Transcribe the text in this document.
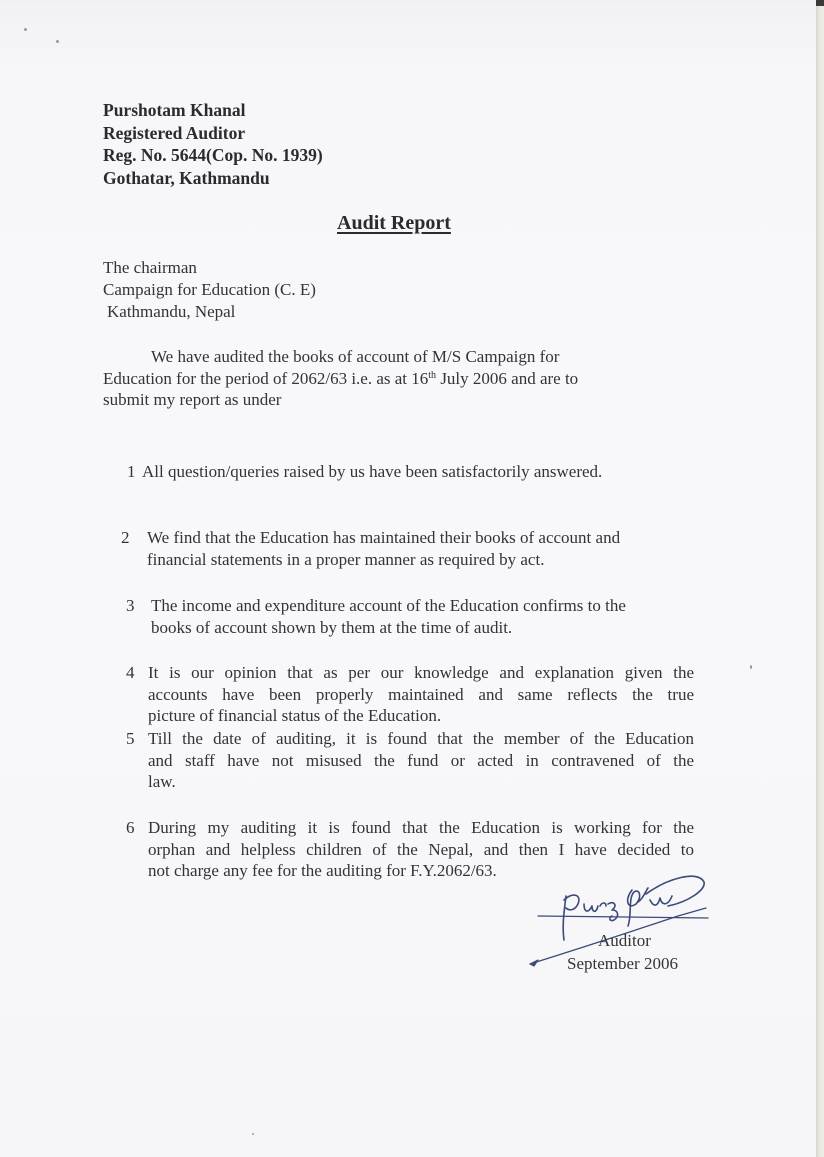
Purshotam Khanal
Registered Auditor
Reg. No. 5644(Cop. No. 1939)
Gothatar, Kathmandu
Audit Report
The chairman
Campaign for Education (C. E)
Kathmandu, Nepal
We have audited the books of account of M/S Campaign for
Education for the period of 2062/63 i.e. as at 16th July 2006 and are to
submit my report as under
1 All question/queries raised by us have been satisfactorily answered.
2 We find that the Education has maintained their books of account and
financial statements in a proper manner as required by act.
3 The income and expenditure account of the Education confirms to the
books of account shown by them at the time of audit.
4 It is our opinion that as per our knowledge and explanation given the
accounts have been properly maintained and same reflects the true
picture of financial status of the Education.
5 Till the date of auditing, it is found that the member of the Education
and staff have not misused the fund or acted in contravened of the
law.
6 During my auditing it is found that the Education is working for the
orphan and helpless children of the Nepal, and then I have decided to
not charge any fee for the auditing for F.Y.2062/63.
Auditor
September 2006
